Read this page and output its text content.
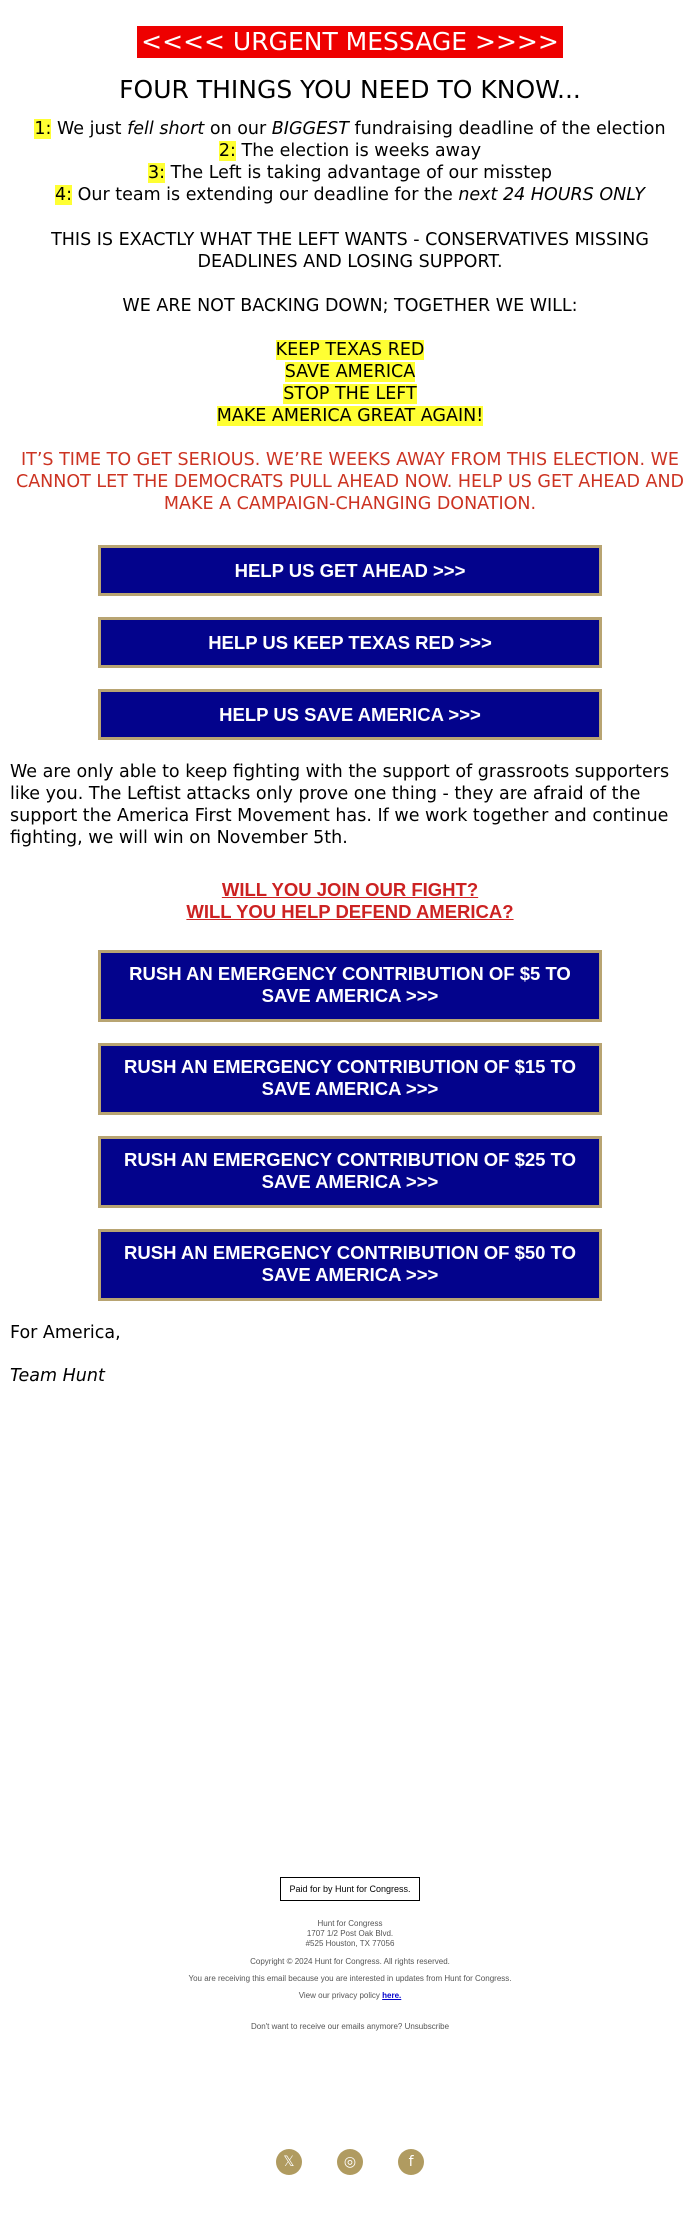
<<<< URGENT MESSAGE >>>>
FOUR THINGS YOU NEED TO KNOW...
1: We just fell short on our BIGGEST fundraising deadline of the election
2: The election is weeks away
3: The Left is taking advantage of our misstep
4: Our team is extending our deadline for the next 24 HOURS ONLY
THIS IS EXACTLY WHAT THE LEFT WANTS - CONSERVATIVES MISSING DEADLINES AND LOSING SUPPORT.
WE ARE NOT BACKING DOWN; TOGETHER WE WILL:
KEEP TEXAS RED
SAVE AMERICA
STOP THE LEFT
MAKE AMERICA GREAT AGAIN!
IT’S TIME TO GET SERIOUS. WE’RE WEEKS AWAY FROM THIS ELECTION. WE CANNOT LET THE DEMOCRATS PULL AHEAD NOW. HELP US GET AHEAD AND MAKE A CAMPAIGN-CHANGING DONATION.
HELP US GET AHEAD >>>
HELP US KEEP TEXAS RED >>>
HELP US SAVE AMERICA >>>
We are only able to keep fighting with the support of grassroots supporters like you. The Leftist attacks only prove one thing - they are afraid of the support the America First Movement has. If we work together and continue fighting, we will win on November 5th.
WILL YOU JOIN OUR FIGHT?
WILL YOU HELP DEFEND AMERICA?
RUSH AN EMERGENCY CONTRIBUTION OF $5 TO
SAVE AMERICA >>>
RUSH AN EMERGENCY CONTRIBUTION OF $15 TO
SAVE AMERICA >>>
RUSH AN EMERGENCY CONTRIBUTION OF $25 TO
SAVE AMERICA >>>
RUSH AN EMERGENCY CONTRIBUTION OF $50 TO
SAVE AMERICA >>>
For America,
Team Hunt
Paid for by Hunt for Congress.
Hunt for Congress
1707 1/2 Post Oak Blvd.
#525 Houston, TX 77056
Copyright © 2024 Hunt for Congress. All rights reserved.
You are receiving this email because you are interested in updates from Hunt for Congress.
View our privacy policy here.
Don't want to receive our emails anymore? Unsubscribe
𝕏	◎	f
